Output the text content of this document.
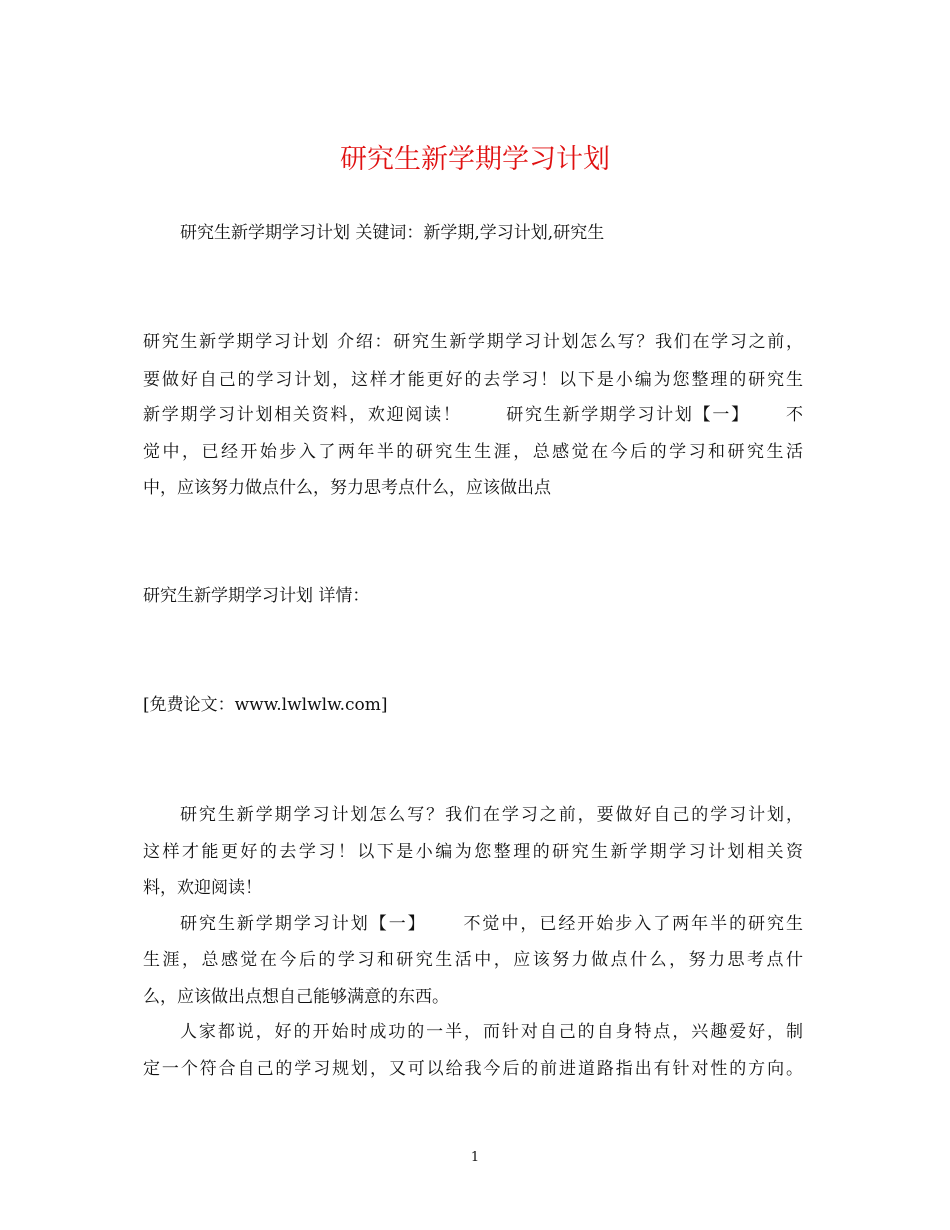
研究生新学期学习计划
研究生新学期学习计划 关键词：新学期,学习计划,研究生
研究生新学期学习计划 介绍：研究生新学期学习计划怎么写？我们在学习之前，
要做好自己的学习计划，这样才能更好的去学习！以下是小编为您整理的研究生
新学期学习计划相关资料，欢迎阅读！　　 研究生新学期学习计划【一】　　 不
觉中，已经开始步入了两年半的研究生生涯，总感觉在今后的学习和研究生活
中，应该努力做点什么，努力思考点什么，应该做出点
研究生新学期学习计划 详情：
[免费论文：www.lwlwlw.com]
研究生新学期学习计划怎么写？我们在学习之前，要做好自己的学习计划，
这样才能更好的去学习！以下是小编为您整理的研究生新学期学习计划相关资
料，欢迎阅读！
研究生新学期学习计划【一】　　 不觉中，已经开始步入了两年半的研究生
生涯，总感觉在今后的学习和研究生活中，应该努力做点什么，努力思考点什
么，应该做出点想自己能够满意的东西。
人家都说，好的开始时成功的一半，而针对自己的自身特点，兴趣爱好，制
定一个符合自己的学习规划，又可以给我今后的前进道路指出有针对性的方向。
1
